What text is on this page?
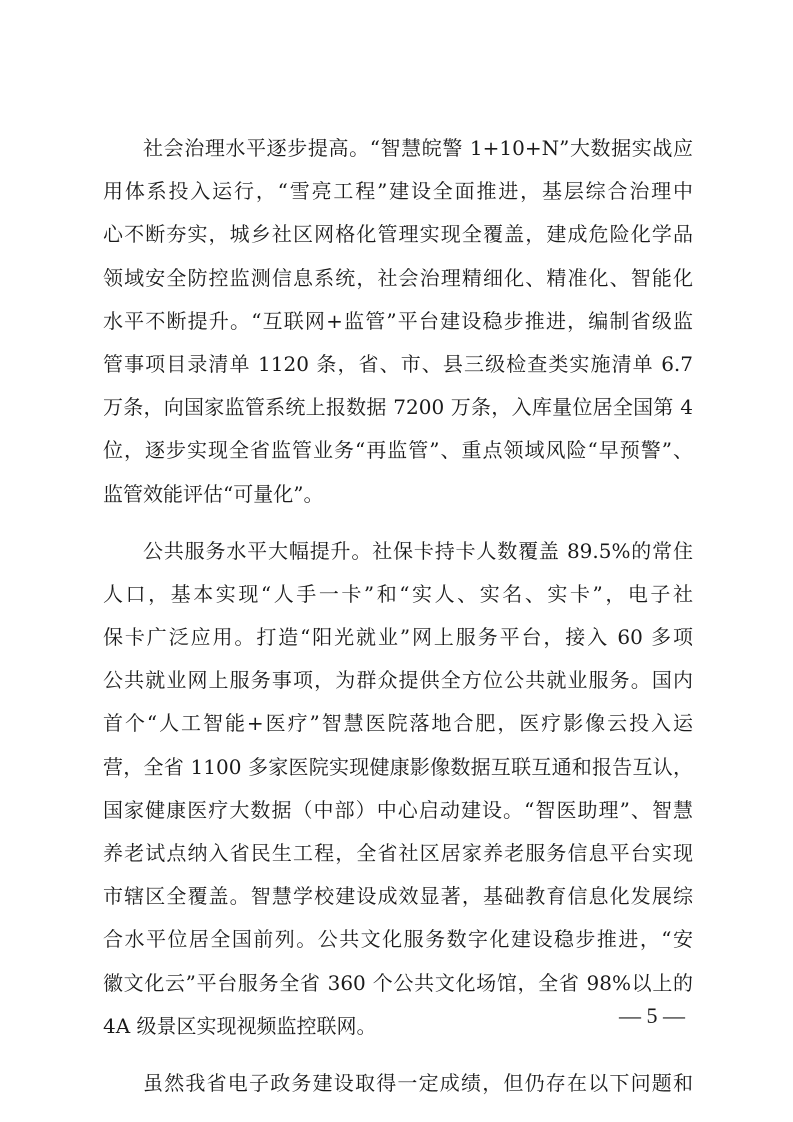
社会治理水平逐步提高。“智慧皖警 1+10+N”大数据实战应
用体系投入运行，“雪亮工程”建设全面推进，基层综合治理中
心不断夯实，城乡社区网格化管理实现全覆盖，建成危险化学品
领域安全防控监测信息系统，社会治理精细化、精准化、智能化
水平不断提升。“互联网+监管”平台建设稳步推进，编制省级监
管事项目录清单 1120 条，省、市、县三级检查类实施清单 6.7
万条，向国家监管系统上报数据 7200 万条，入库量位居全国第 4
位，逐步实现全省监管业务“再监管”、重点领域风险“早预警”、
监管效能评估“可量化”。
公共服务水平大幅提升。社保卡持卡人数覆盖 89.5%的常住
人口，基本实现“人手一卡”和“实人、实名、实卡”，电子社
保卡广泛应用。打造“阳光就业”网上服务平台，接入 60 多项
公共就业网上服务事项，为群众提供全方位公共就业服务。国内
首个“人工智能+医疗”智慧医院落地合肥，医疗影像云投入运
营，全省 1100 多家医院实现健康影像数据互联互通和报告互认，
国家健康医疗大数据（中部）中心启动建设。“智医助理”、智慧
养老试点纳入省民生工程，全省社区居家养老服务信息平台实现
市辖区全覆盖。智慧学校建设成效显著，基础教育信息化发展综
合水平位居全国前列。公共文化服务数字化建设稳步推进，“安
徽文化云”平台服务全省 360 个公共文化场馆，全省 98%以上的
4A 级景区实现视频监控联网。
虽然我省电子政务建设取得一定成绩，但仍存在以下问题和
— 5 —
